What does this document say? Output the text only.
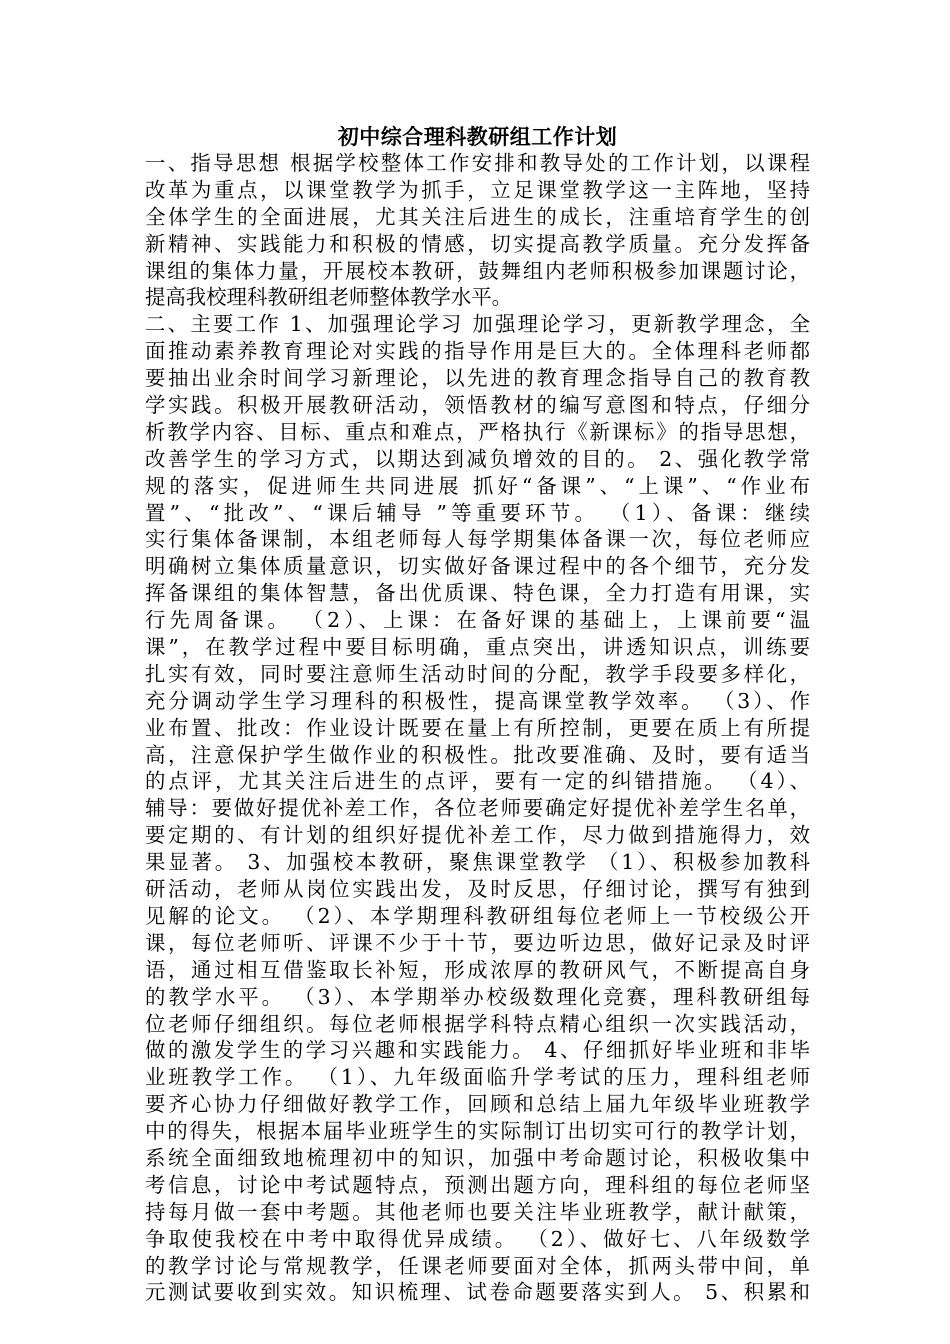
初中综合理科教研组工作计划
一、指导思想 根据学校整体工作安排和教导处的工作计划，以课程
改革为重点，以课堂教学为抓手，立足课堂教学这一主阵地，坚持
全体学生的全面进展，尤其关注后进生的成长，注重培育学生的创
新精神、实践能力和积极的情感，切实提高教学质量。充分发挥备
课组的集体力量，开展校本教研，鼓舞组内老师积极参加课题讨论，
提高我校理科教研组老师整体教学水平。
二、主要工作 1、加强理论学习 加强理论学习，更新教学理念，全
面推动素养教育理论对实践的指导作用是巨大的。全体理科老师都
要抽出业余时间学习新理论，以先进的教育理念指导自己的教育教
学实践。积极开展教研活动，领悟教材的编写意图和特点，仔细分
析教学内容、目标、重点和难点，严格执行《新课标》的指导思想，
改善学生的学习方式，以期达到减负增效的目的。 2、强化教学常
规的落实，促进师生共同进展 抓好“备课”、“上课”、“作业布
置”、“批改”、“课后辅导 ”等重要环节。 （1）、备课：继续
实行集体备课制，本组老师每人每学期集体备课一次，每位老师应
明确树立集体质量意识，切实做好备课过程中的各个细节，充分发
挥备课组的集体智慧，备出优质课、特色课，全力打造有用课，实
行先周备课。 （2）、上课：在备好课的基础上，上课前要“温
课”，在教学过程中要目标明确，重点突出，讲透知识点，训练要
扎实有效，同时要注意师生活动时间的分配，教学手段要多样化，
充分调动学生学习理科的积极性，提高课堂教学效率。 （3）、作
业布置、批改：作业设计既要在量上有所控制，更要在质上有所提
高，注意保护学生做作业的积极性。批改要准确、及时，要有适当
的点评，尤其关注后进生的点评，要有一定的纠错措施。 （4）、
辅导：要做好提优补差工作，各位老师要确定好提优补差学生名单，
要定期的、有计划的组织好提优补差工作，尽力做到措施得力，效
果显著。 3、加强校本教研，聚焦课堂教学 （1）、积极参加教科
研活动，老师从岗位实践出发，及时反思，仔细讨论，撰写有独到
见解的论文。 （2）、本学期理科教研组每位老师上一节校级公开
课，每位老师听、评课不少于十节，要边听边思，做好记录及时评
语，通过相互借鉴取长补短，形成浓厚的教研风气，不断提高自身
的教学水平。 （3）、本学期举办校级数理化竞赛，理科教研组每
位老师仔细组织。每位老师根据学科特点精心组织一次实践活动，
做的激发学生的学习兴趣和实践能力。 4、仔细抓好毕业班和非毕
业班教学工作。 （1）、九年级面临升学考试的压力，理科组老师
要齐心协力仔细做好教学工作，回顾和总结上届九年级毕业班教学
中的得失，根据本届毕业班学生的实际制订出切实可行的教学计划，
系统全面细致地梳理初中的知识，加强中考命题讨论，积极收集中
考信息，讨论中考试题特点，预测出题方向，理科组的每位老师坚
持每月做一套中考题。其他老师也要关注毕业班教学，献计献策，
争取使我校在中考中取得优异成绩。 （2）、做好七、八年级数学
的教学讨论与常规教学，任课老师要面对全体，抓两头带中间，单
元测试要收到实效。知识梳理、试卷命题要落实到人。 5、积累和
